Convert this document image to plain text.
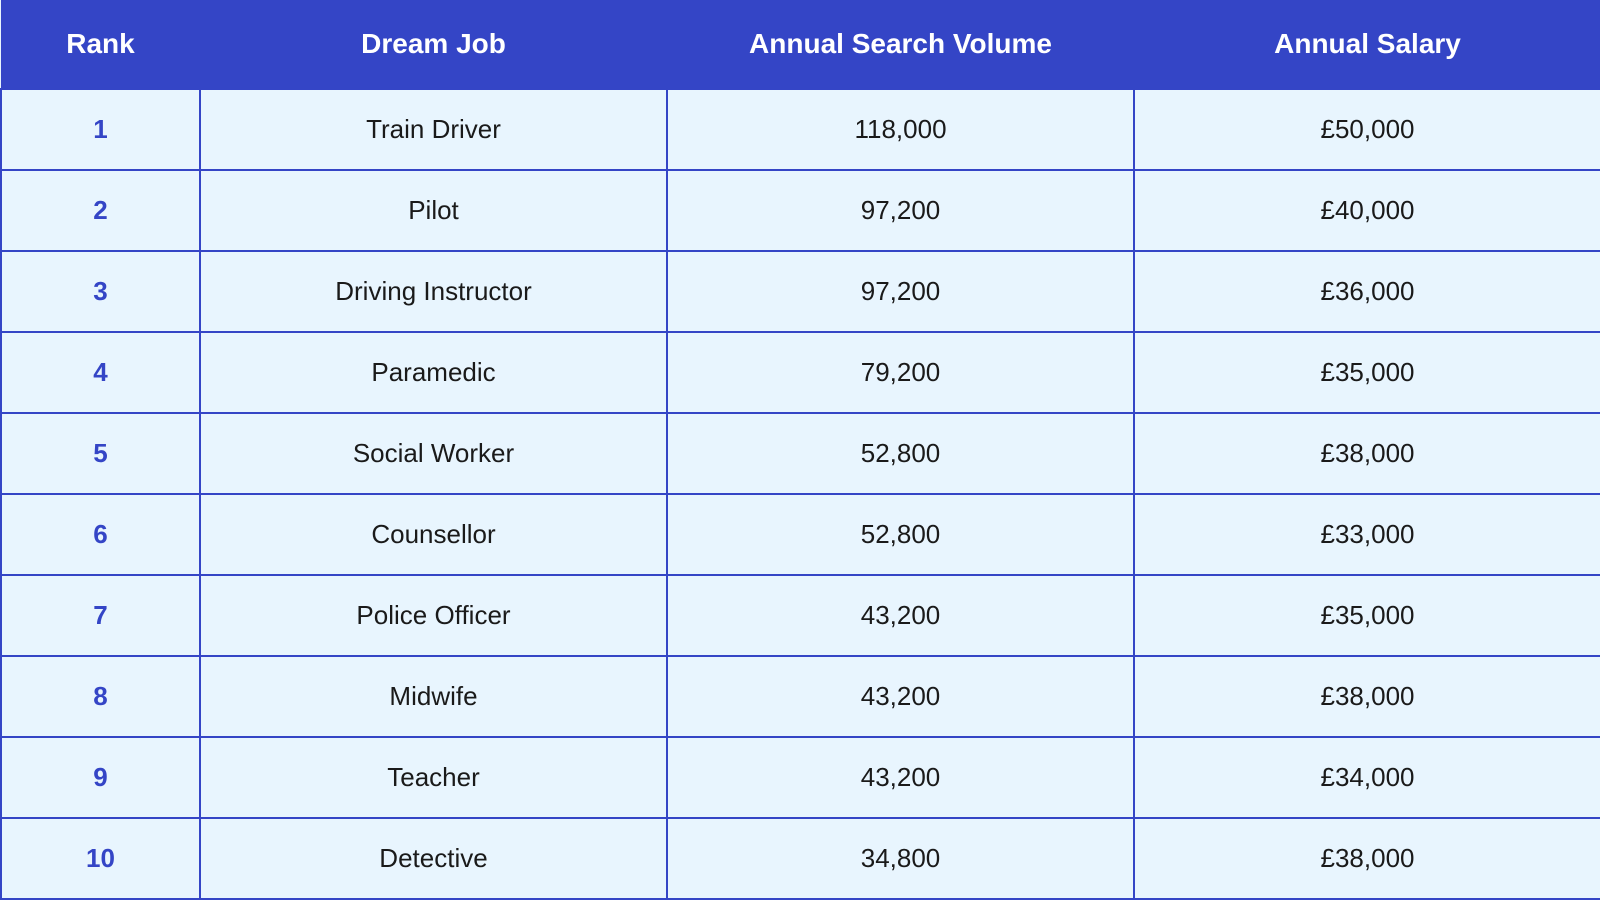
Rank	Dream Job	Annual Search Volume	Annual Salary
1	Train Driver	118,000	£50,000
2	Pilot	97,200	£40,000
3	Driving Instructor	97,200	£36,000
4	Paramedic	79,200	£35,000
5	Social Worker	52,800	£38,000
6	Counsellor	52,800	£33,000
7	Police Officer	43,200	£35,000
8	Midwife	43,200	£38,000
9	Teacher	43,200	£34,000
10	Detective	34,800	£38,000
